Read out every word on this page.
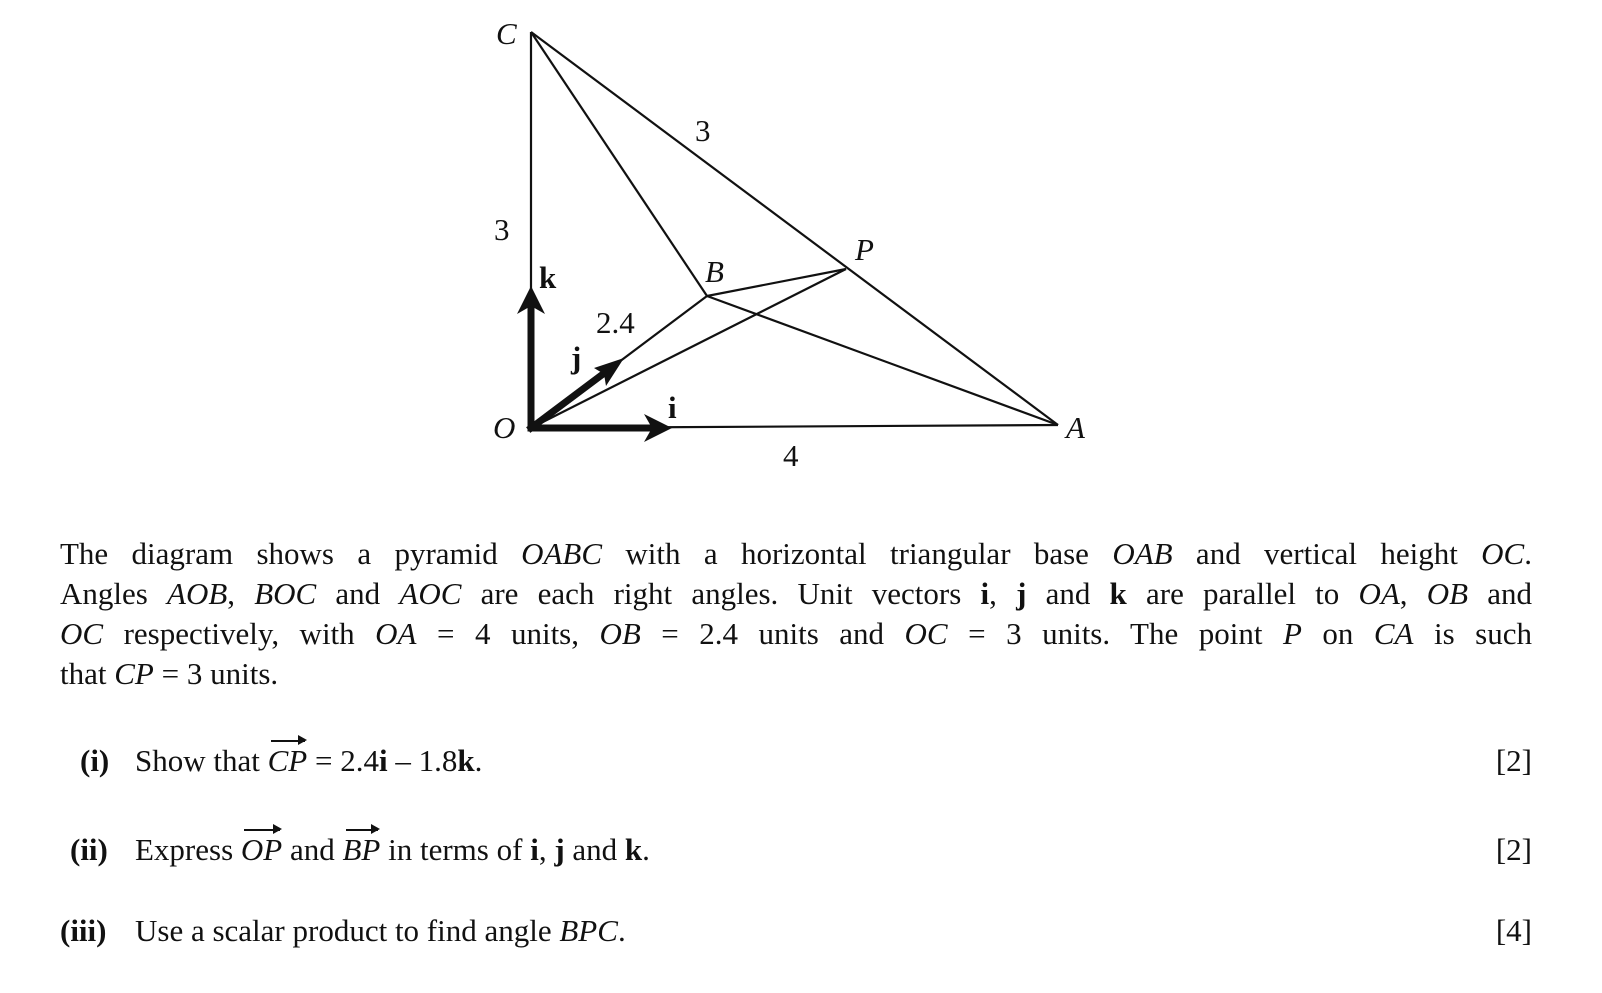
C
O	A
B
P
3
3
2.4
4
k
j
i
The diagram shows a pyramid OABC with a horizontal triangular base OAB and vertical height OC.
Angles AOB, BOC and AOC are each right angles. Unit vectors i, j and k are parallel to OA, OB and
OC respectively, with OA = 4 units, OB = 2.4 units and OC = 3 units. The point P on CA is such
that CP = 3 units.
(i) Show that CP = 2.4i – 1.8k.	[2]
(ii) Express OP and BP in terms of i, j and k.	[2]
(iii) Use a scalar product to find angle BPC.	[4]
